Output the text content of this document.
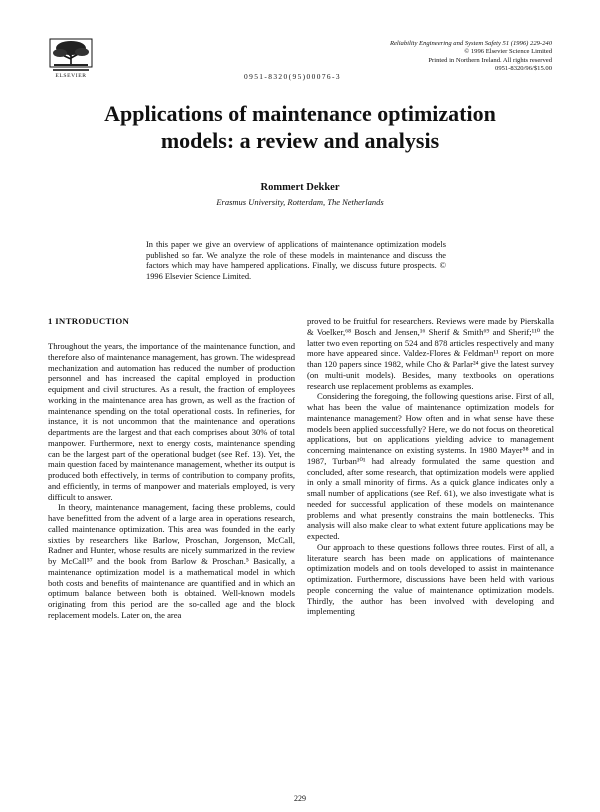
ELSEVIER	0951-8320(95)00076-3
Reliability Engineering and System Safety 51 (1996) 229-240
© 1996 Elsevier Science Limited
Printed in Northern Ireland. All rights reserved
0951-8320/96/$15.00
Applications of maintenance optimization
models: a review and analysis
Rommert Dekker
Erasmus University, Rotterdam, The Netherlands
In this paper we give an overview of applications of maintenance optimization models published so far. We analyze the role of these models in maintenance and discuss the factors which may have hampered applications. Finally, we discuss future prospects. © 1996 Elsevier Science Limited.
1 INTRODUCTION

Throughout the years, the importance of the maintenance function, and therefore also of maintenance management, has grown. The widespread mechanization and automation has reduced the number of production personnel and has increased the capital employed in production equipment and civil structures. As a result, the fraction of employees working in the maintenance area has grown, as well as the fraction of maintenance spending on the total operational costs. In refineries, for instance, it is not uncommon that the maintenance and operations departments are the largest and that each comprises about 30% of total manpower. Furthermore, next to energy costs, maintenance spending can be the largest part of the operational budget (see Ref. 13). Yet, the main question faced by maintenance management, whether its output is produced both effectively, in terms of contribution to company profits, and efficiently, in terms of manpower and materials employed, is very difficult to answer.

In theory, maintenance management, facing these problems, could have benefitted from the advent of a large area in operations research, called maintenance optimization. This area was founded in the early sixties by researchers like Barlow, Proschan, Jorgenson, McCall, Radner and Hunter, whose results are nicely summarized in the review by McCall⁵⁷ and the book from Barlow & Proschan.⁵ Basically, a maintenance optimization model is a mathematical model in which both costs and benefits of maintenance are quantified and in which an optimum balance between both is obtained. Well-known models originating from this period are the so-called age and the block replacement models. Later on, the area

proved to be fruitful for researchers. Reviews were made by Pierskalla & Voelker,⁶⁸ Bosch and Jensen,¹⁶ Sherif & Smith⁶⁹ and Sherif;¹¹⁰ the latter two even reporting on 524 and 878 articles respectively and many more have appeared since. Valdez-Flores & Feldman¹¹ report on more than 120 papers since 1982, while Cho & Parlar²⁴ give the latest survey (on multi-unit models). Besides, many textbooks on operations research use replacement problems as examples.

Considering the foregoing, the following questions arise. First of all, what has been the value of maintenance optimization models for maintenance management? How often and in what sense have these models been applied successfully? Here, we do not focus on theoretical applications, but on applications yielding advice to management concerning maintenance on existing systems. In 1980 Mayer⁵⁸ and in 1987, Turban¹⁰¹ had already formulated the same question and concluded, after some research, that optimization models were applied in only a small minority of firms. As a quick glance indicates only a small number of applications (see Ref. 61), we also investigate what is needed for successful application of these models on maintenance problems and what presently constrains the main bottlenecks. This analysis will also make clear to what extent future applications may be expected.

Our approach to these questions follows three routes. First of all, a literature search has been made on applications of maintenance optimization models and on tools developed to assist in maintenance optimization. Furthermore, discussions have been held with various people concerning the value of maintenance optimization models. Thirdly, the author has been involved with developing and implementing

229
